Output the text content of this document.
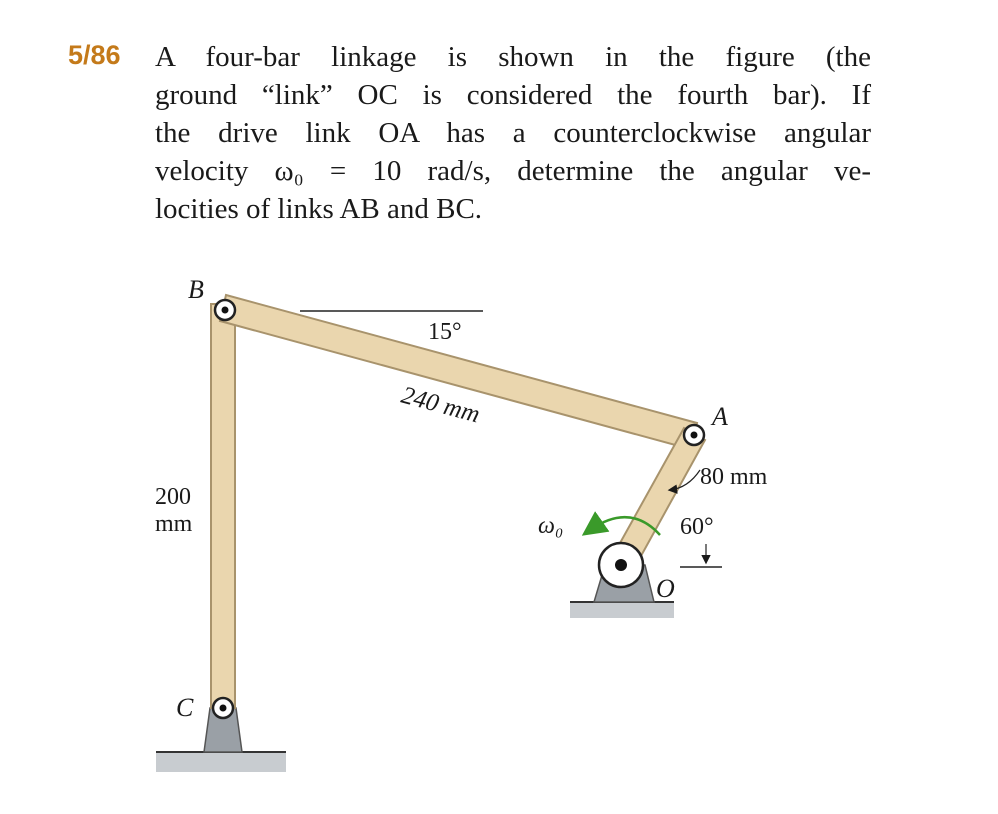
5/86 A four-bar linkage is shown in the figure (the
ground “link” OC is considered the fourth bar). If
the drive link OA has a counterclockwise angular
velocity ω₀ = 10 rad/s, determine the angular ve-
locities of links AB and BC.
B
15°
240 mm	A
80 mm
200
mm	ω₀	60°
O
C
